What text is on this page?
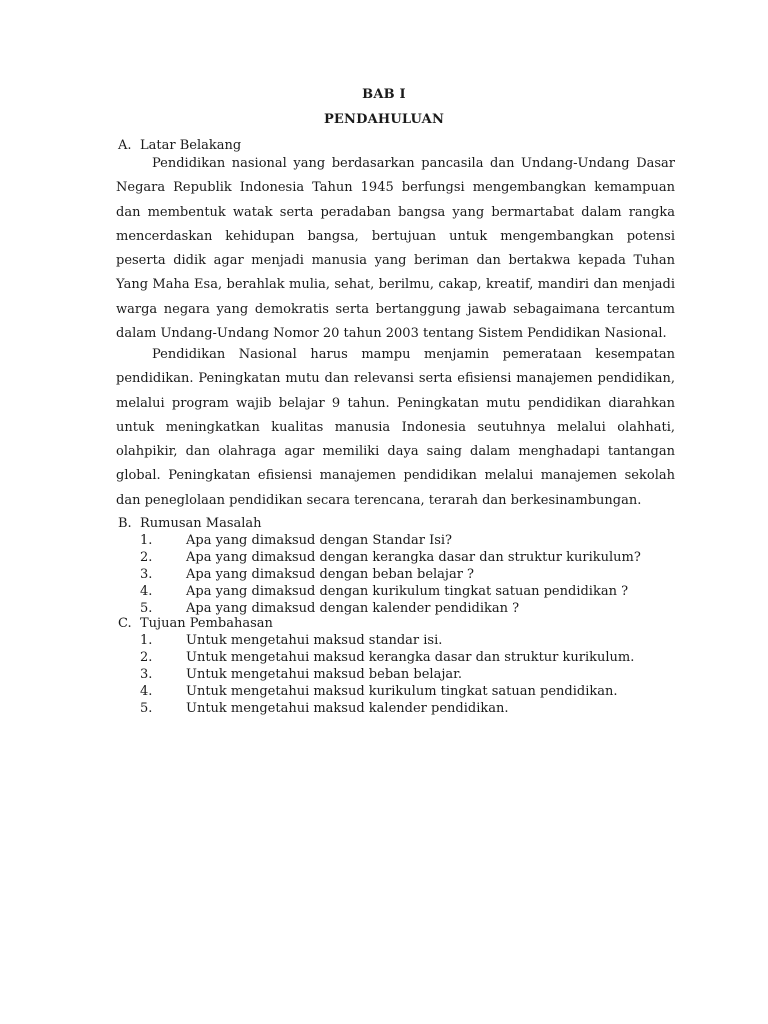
BAB I
PENDAHULUAN
A. Latar Belakang

Pendidikan nasional yang berdasarkan pancasila dan Undang-Undang Dasar Negara Republik Indonesia Tahun 1945 berfungsi mengembangkan kemampuan dan membentuk watak serta peradaban bangsa yang bermartabat dalam rangka mencerdaskan kehidupan bangsa, bertujuan untuk mengembangkan potensi peserta didik agar menjadi manusia yang beriman dan bertakwa kepada Tuhan Yang Maha Esa, berahlak mulia, sehat, berilmu, cakap, kreatif, mandiri dan menjadi warga negara yang demokratis serta bertanggung jawab sebagaimana tercantum dalam Undang-Undang Nomor 20 tahun 2003 tentang Sistem Pendidikan Nasional.

Pendidikan Nasional harus mampu menjamin pemerataan kesempatan pendidikan. Peningkatan mutu dan relevansi serta efisiensi manajemen pendidikan, melalui program wajib belajar 9 tahun. Peningkatan mutu pendidikan diarahkan untuk meningkatkan kualitas manusia Indonesia seutuhnya melalui olahhati, olahpikir, dan olahraga agar memiliki daya saing dalam menghadapi tantangan global. Peningkatan efisiensi manajemen pendidikan melalui manajemen sekolah dan peneglolaan pendidikan secara terencana, terarah dan berkesinambungan.

B. Rumusan Masalah
1.	Apa yang dimaksud dengan Standar Isi?
2.	Apa yang dimaksud dengan kerangka dasar dan struktur kurikulum?
3.	Apa yang dimaksud dengan beban belajar ?
4.	Apa yang dimaksud dengan kurikulum tingkat satuan pendidikan ?
5.	Apa yang dimaksud dengan kalender pendidikan ?
C. Tujuan Pembahasan
1.	Untuk mengetahui maksud standar isi.
2.	Untuk mengetahui maksud kerangka dasar dan struktur kurikulum.
3.	Untuk mengetahui maksud beban belajar.
4.	Untuk mengetahui maksud kurikulum tingkat satuan pendidikan.
5.	Untuk mengetahui maksud kalender pendidikan.
